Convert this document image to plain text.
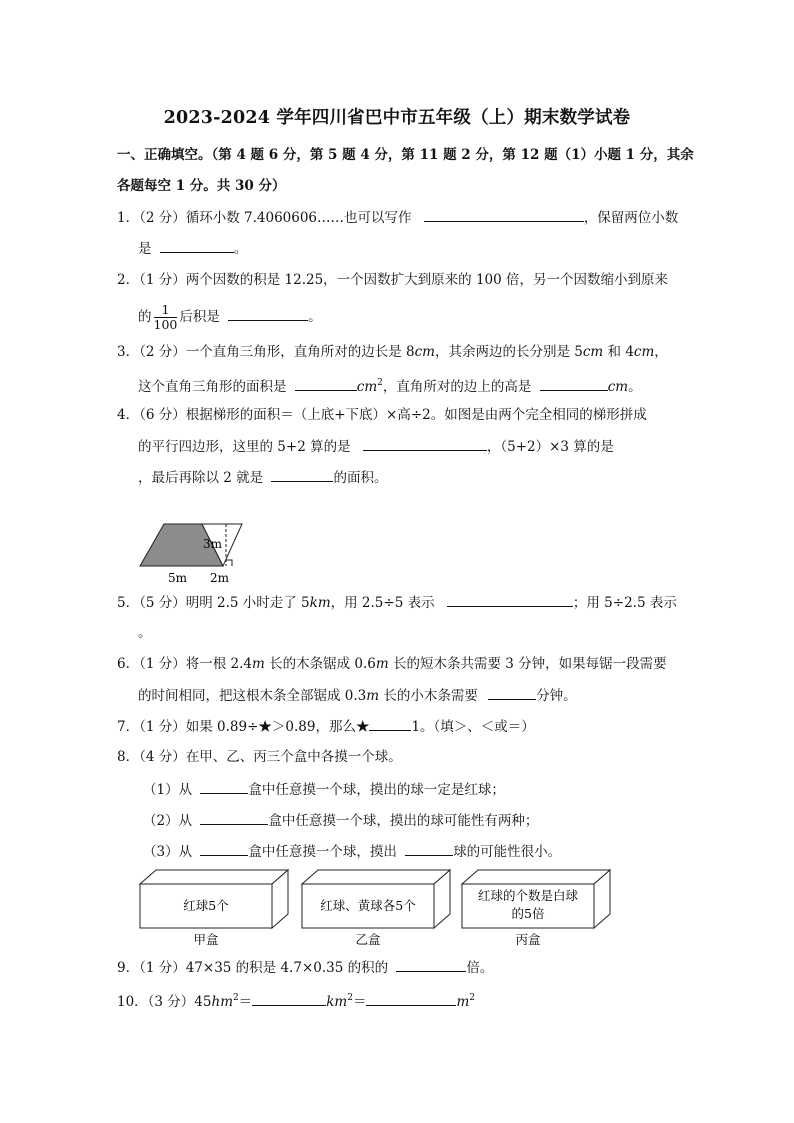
2023-2024 学年四川省巴中市五年级（上）期末数学试卷
一、正确填空。（第 4 题 6 分，第 5 题 4 分，第 11 题 2 分，第 12 题（1）小题 1 分，其余
各题每空 1 分。共 30 分）
1．（2 分）循环小数 7.4060606……也可以写作	，保留两位小数
是	。
2．（1 分）两个因数的积是 12.25，一个因数扩大到原来的 100 倍，另一个因数缩小到原来
的 $\frac{1}{100}$ 后积是	。
3．（2 分）一个直角三角形，直角所对的边长是 8cm，其余两边的长分别是 5cm 和 4cm，
这个直角三角形的面积是	$cm^2$，直角所对的边上的高是	cm。
4．（6 分）根据梯形的面积＝（上底+下底）×高÷2。如图是由两个完全相同的梯形拼成
的平行四边形，这里的 5+2 算的是	，（5+2）×3 算的是
，最后再除以 2 就是	的面积。
3m
5m 2m
5．（5 分）明明 2.5 小时走了 5km，用 2.5÷5 表示	；用 5÷2.5 表示
。
6．（1 分）将一根 2.4m 长的木条锯成 0.6m 长的短木条共需要 3 分钟，如果每锯一段需要
的时间相同，把这根木条全部锯成 0.3m 长的小木条需要	分钟。
7．（1 分）如果 0.89÷★＞0.89，那么★	1。（填＞、＜或＝）
8．（4 分）在甲、乙、丙三个盒中各摸一个球。
（1）从	盒中任意摸一个球，摸出的球一定是红球；
（2）从	盒中任意摸一个球，摸出的球可能性有两种；
（3）从	盒中任意摸一个球，摸出	球的可能性很小。
红球5个
甲盒
红球、黄球各5个
乙盒
红球的个数是白球
的5倍
丙盒
9．（1 分）47×35 的积是 4.7×0.35 的积的	倍。
10．（3 分）$45hm^2=$	$km^2=$	$m^2$
